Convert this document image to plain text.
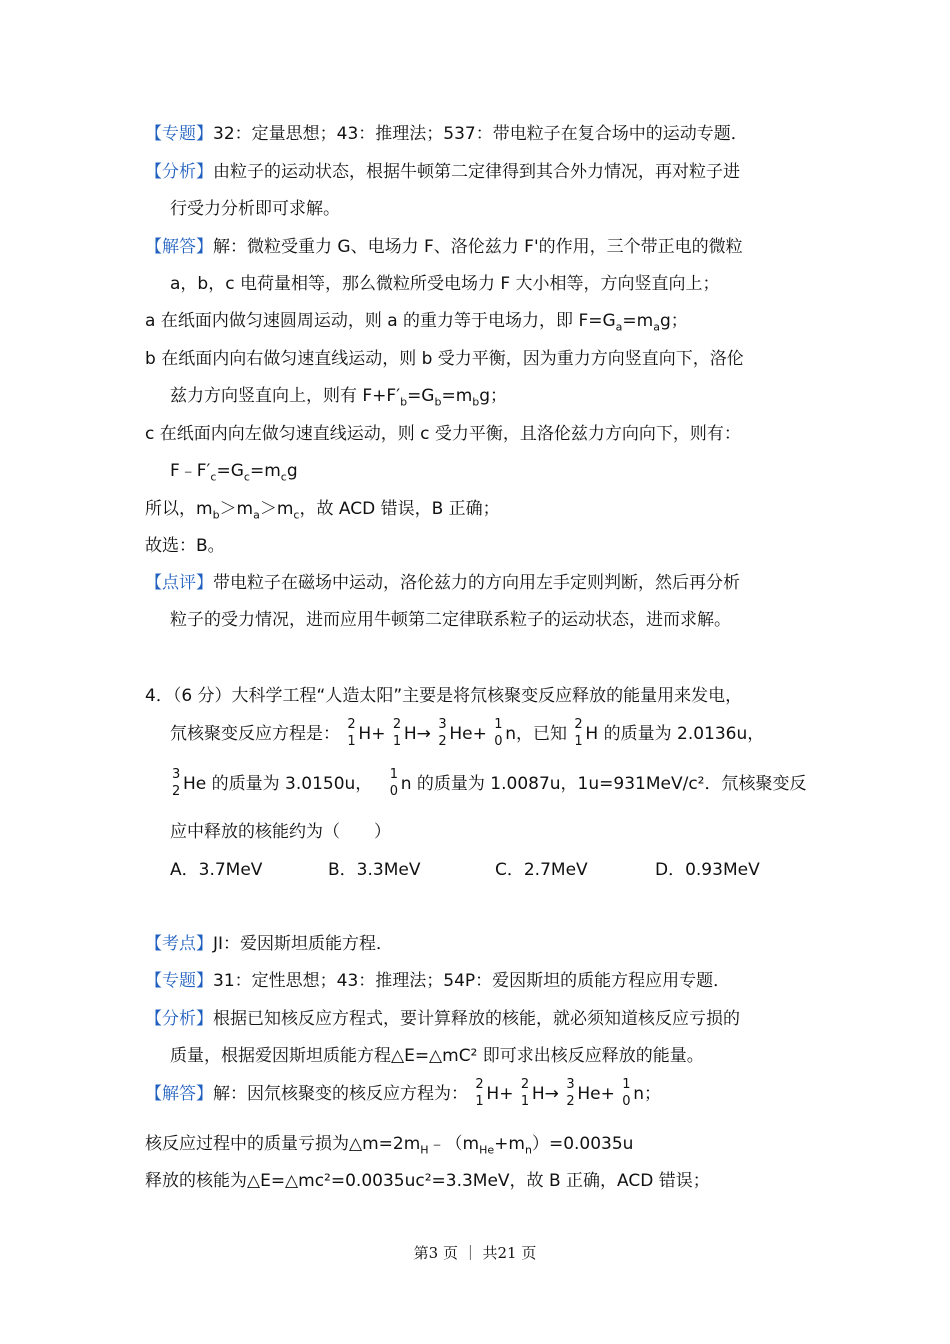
【专题】32：定量思想；43：推理法；537：带电粒子在复合场中的运动专题．
【分析】由粒子的运动状态，根据牛顿第二定律得到其合外力情况，再对粒子进
行受力分析即可求解。
【解答】解：微粒受重力 G、电场力 F、洛伦兹力 F'的作用，三个带正电的微粒
a，b，c 电荷量相等，那么微粒所受电场力 F 大小相等，方向竖直向上；
a 在纸面内做匀速圆周运动，则 a 的重力等于电场力，即 $F=G_a=m_ag$；
b 在纸面内向右做匀速直线运动，则 b 受力平衡，因为重力方向竖直向下，洛伦
兹力方向竖直向上，则有 $F+F'_b=G_b=m_bg$；
c 在纸面内向左做匀速直线运动，则 c 受力平衡，且洛伦兹力方向向下，则有：
$F﹣F'_c=G_c=m_cg$
所以，$m_b>m_a>m_c$，故 ACD 错误，B 正确；
故选：B。
【点评】带电粒子在磁场中运动，洛伦兹力的方向用左手定则判断，然后再分析
粒子的受力情况，进而应用牛顿第二定律联系粒子的运动状态，进而求解。
4．（6 分）大科学工程“人造太阳”主要是将氘核聚变反应释放的能量用来发电，
氘核聚变反应方程是： 2
1 H+ 2
1 H→ 3
2 He+ 1
0 n，已知 2
1 H 的质量为 2.0136u，
3
2 He 的质量为 3.0150u， 1
0 n 的质量为 1.0087u，1u=931MeV/c²．氘核聚变反
应中释放的核能约为（　　）
A．3.7MeV	B．3.3MeV	C．2.7MeV	D．0.93MeV
【考点】JI：爱因斯坦质能方程．
【专题】31：定性思想；43：推理法；54P：爱因斯坦的质能方程应用专题．
【分析】根据已知核反应方程式，要计算释放的核能，就必须知道核反应亏损的
质量，根据爱因斯坦质能方程△E=△mC² 即可求出核反应释放的能量。
【解答】解：因氘核聚变的核反应方程为： 2
1 H+ 2
1 H→ 3
2 He+ 1
0 n；
核反应过程中的质量亏损为$\triangle m=2m_H﹣(m_{He}+m_n)=0.0035u$
释放的核能为△E=△mc²=0.0035uc²=3.3MeV，故 B 正确，ACD 错误；
第3 页 ｜ 共21 页
